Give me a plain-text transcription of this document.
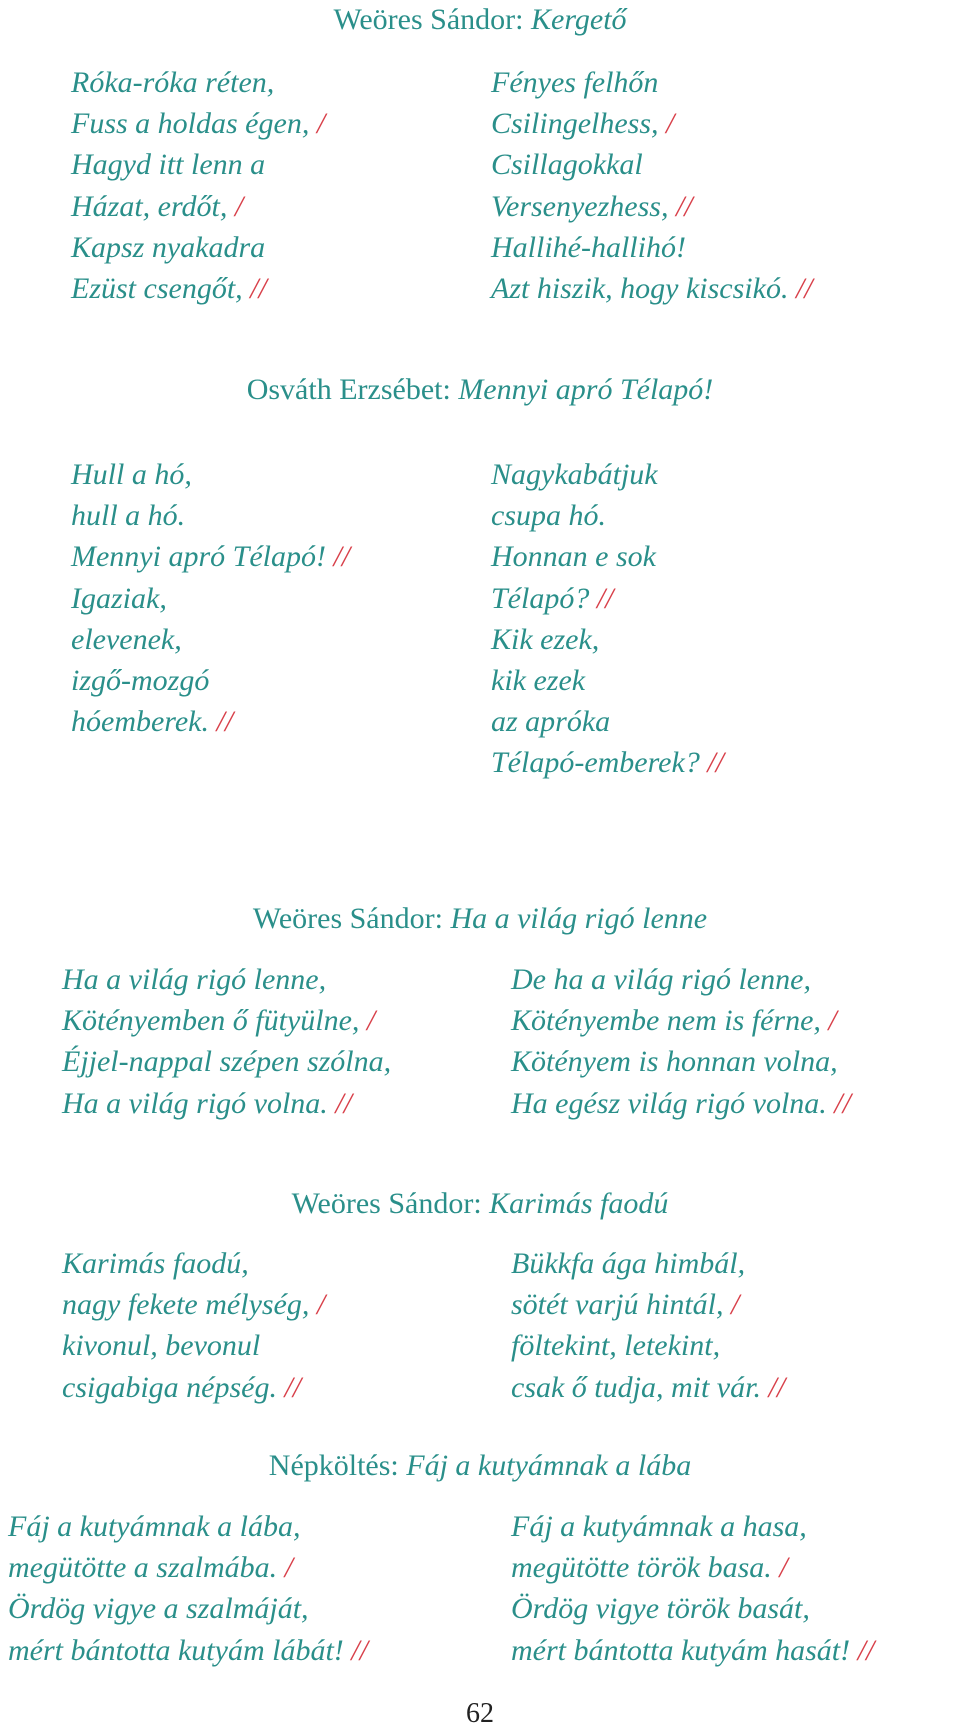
Weöres Sándor: Kergető
Róka-róka réten,
Fuss a holdas égen, /
Hagyd itt lenn a
Házat, erdőt, /
Kapsz nyakadra
Ezüst csengőt, //
Fényes felhőn
Csilingelhess, /
Csillagokkal
Versenyezhess, //
Hallihé-hallihó!
Azt hiszik, hogy kiscsikó. //
Osváth Erzsébet: Mennyi apró Télapó!
Hull a hó,
hull a hó.
Mennyi apró Télapó! //
Igaziak,
elevenek,
izgő-mozgó
hóemberek. //
Nagykabátjuk
csupa hó.
Honnan e sok
Télapó? //
Kik ezek,
kik ezek
az apróka
Télapó-emberek? //
Weöres Sándor: Ha a világ rigó lenne
Ha a világ rigó lenne,
Kötényemben ő fütyülne, /
Éjjel-nappal szépen szólna,
Ha a világ rigó volna. //
De ha a világ rigó lenne,
Kötényembe nem is férne, /
Kötényem is honnan volna,
Ha egész világ rigó volna. //
Weöres Sándor: Karimás faodú
Karimás faodú,
nagy fekete mélység, /
kivonul, bevonul
csigabiga népség. //
Bükkfa ága himbál,
sötét varjú hintál, /
föltekint, letekint,
csak ő tudja, mit vár. //
Népköltés: Fáj a kutyámnak a lába
Fáj a kutyámnak a lába,
megütötte a szalmába. /
Ördög vigye a szalmáját,
mért bántotta kutyám lábát! //
Fáj a kutyámnak a hasa,
megütötte török basa. /
Ördög vigye török basát,
mért bántotta kutyám hasát! //
62
